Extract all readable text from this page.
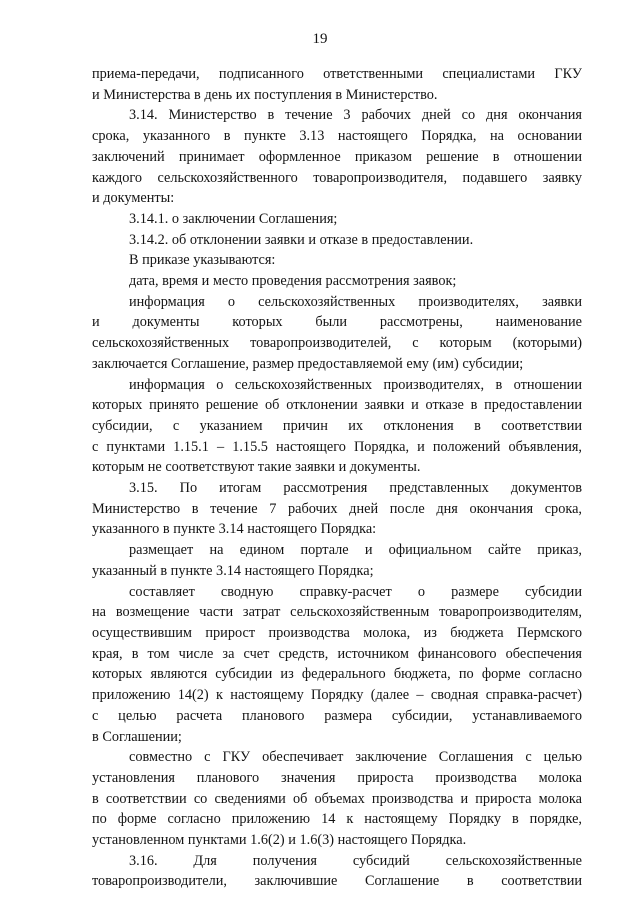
19
приема-передачи, подписанного ответственными специалистами ГКУ
и Министерства в день их поступления в Министерство.
3.14. Министерство в течение 3 рабочих дней со дня окончания
срока, указанного в пункте 3.13 настоящего Порядка, на основании
заключений принимает оформленное приказом решение в отношении
каждого сельскохозяйственного товаропроизводителя, подавшего заявку
и документы:
3.14.1. о заключении Соглашения;
3.14.2. об отклонении заявки и отказе в предоставлении.
В приказе указываются:
дата, время и место проведения рассмотрения заявок;
информация о сельскохозяйственных производителях, заявки
и документы которых были рассмотрены, наименование
сельскохозяйственных товаропроизводителей, с которым (которыми)
заключается Соглашение, размер предоставляемой ему (им) субсидии;
информация о сельскохозяйственных производителях, в отношении
которых принято решение об отклонении заявки и отказе в предоставлении
субсидии, с указанием причин их отклонения в соответствии
с пунктами 1.15.1 – 1.15.5 настоящего Порядка, и положений объявления,
которым не соответствуют такие заявки и документы.
3.15. По итогам рассмотрения представленных документов
Министерство в течение 7 рабочих дней после дня окончания срока,
указанного в пункте 3.14 настоящего Порядка:
размещает на едином портале и официальном сайте приказ,
указанный в пункте 3.14 настоящего Порядка;
составляет сводную справку-расчет о размере субсидии
на возмещение части затрат сельскохозяйственным товаропроизводителям,
осуществившим прирост производства молока, из бюджета Пермского
края, в том числе за счет средств, источником финансового обеспечения
которых являются субсидии из федерального бюджета, по форме согласно
приложению 14(2) к настоящему Порядку (далее – сводная справка-расчет)
с целью расчета планового размера субсидии, устанавливаемого
в Соглашении;
совместно с ГКУ обеспечивает заключение Соглашения с целью
установления планового значения прироста производства молока
в соответствии со сведениями об объемах производства и прироста молока
по форме согласно приложению 14 к настоящему Порядку в порядке,
установленном пунктами 1.6(2) и 1.6(3) настоящего Порядка.
3.16. Для получения субсидий сельскохозяйственные
товаропроизводители, заключившие Соглашение в соответствии
